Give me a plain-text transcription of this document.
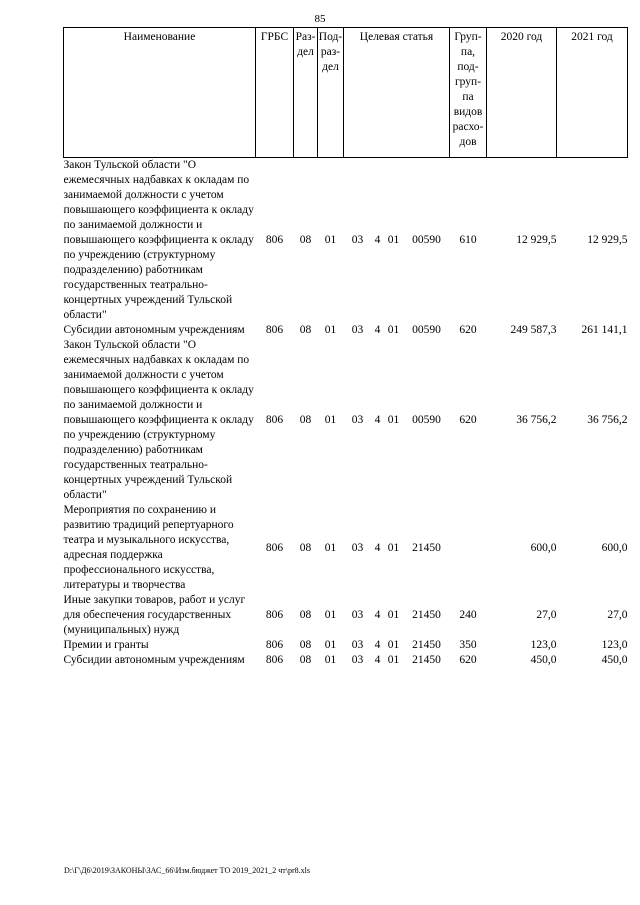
85
Наименование	ГРБС	Раз-дел	Под-раз-дел	Целевая статья				Груп-па, под-груп-па видов расхо-дов	2020 год	2021 год
Закон Тульской области "О ежемесячных надбавках к окладам по занимаемой должности с учетом повышающего коэффициента к окладу по занимаемой должности и повышающего коэффициента к окладу по учреждению (структурному подразделению) работникам государственных театрально-концертных учреждений Тульской области"	806	08	01	03	4	01	00590	610	12 929,5	12 929,5
Субсидии автономным учреждениям	806	08	01	03	4	01	00590	620	249 587,3	261 141,1
Закон Тульской области "О ежемесячных надбавках к окладам по занимаемой должности с учетом повышающего коэффициента к окладу по занимаемой должности и повышающего коэффициента к окладу по учреждению (структурному подразделению) работникам государственных театрально-концертных учреждений Тульской области"	806	08	01	03	4	01	00590	620	36 756,2	36 756,2
Мероприятия по сохранению и развитию традиций репертуарного театра и музыкального искусства, адресная поддержка профессионального искусства, литературы и творчества	806	08	01	03	4	01	21450		600,0	600,0
Иные закупки товаров, работ и услуг для обеспечения государственных (муниципальных) нужд	806	08	01	03	4	01	21450	240	27,0	27,0
Премии и гранты	806	08	01	03	4	01	21450	350	123,0	123,0
Субсидии автономным учреждениям	806	08	01	03	4	01	21450	620	450,0	450,0
D:\Г\Д6\2019\ЗАКОНЫ\ЗАС_66\Изм.бюджет ТО 2019_2021_2 чт\pr8.xls
